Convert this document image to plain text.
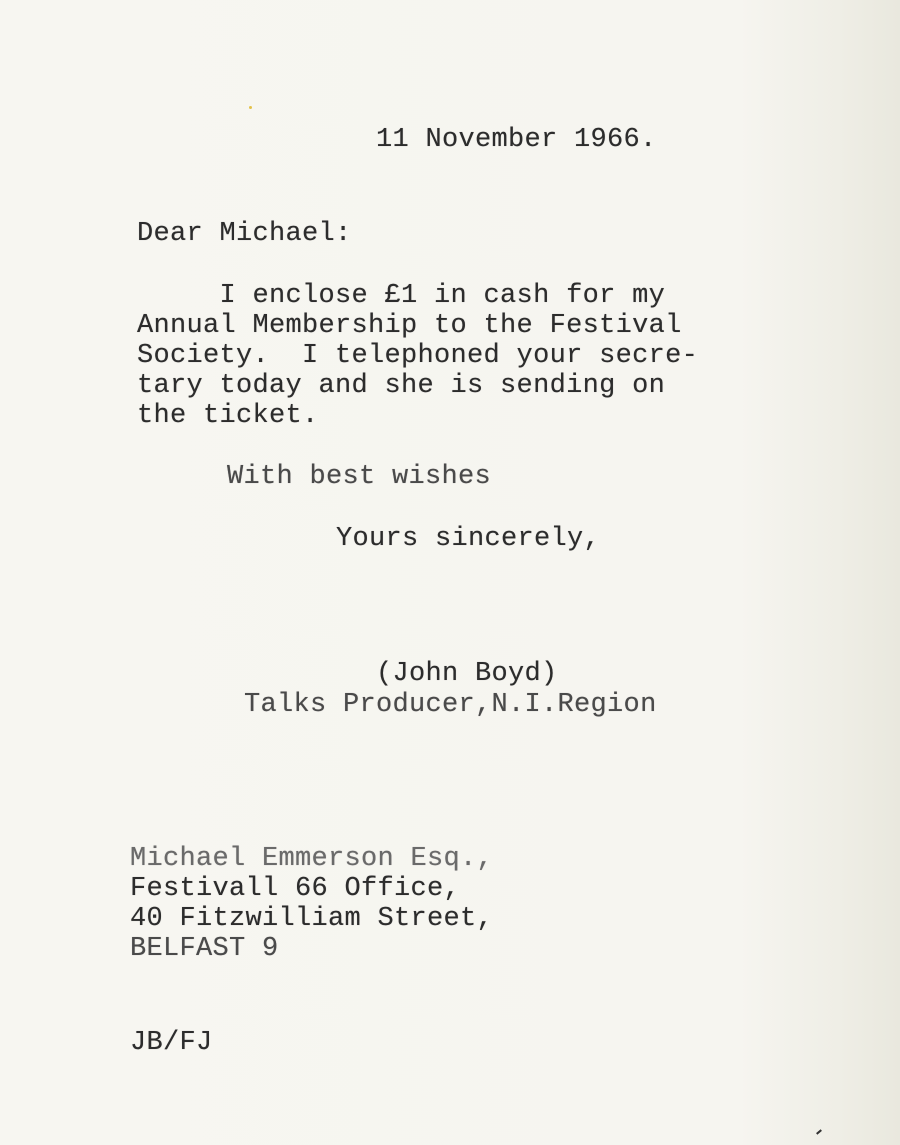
11 November 1966.
Dear Michael:
I enclose £1 in cash for my
Annual Membership to the Festival
Society.  I telephoned your secre-
tary today and she is sending on
the ticket.
With best wishes
Yours sincerely,
(John Boyd)
Talks Producer,N.I.Region
Michael Emmerson Esq.,
Festivall 66 Office,
40 Fitzwilliam Street,
BELFAST 9
JB/FJ
